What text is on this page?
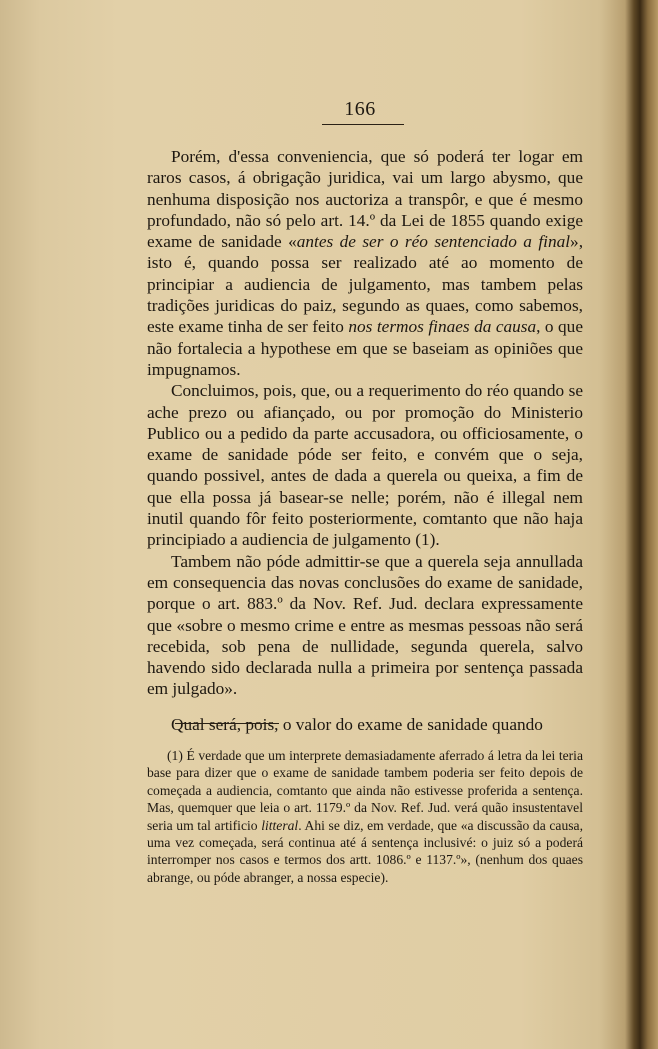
166

Porém, d'essa conveniencia, que só poderá ter logar em raros casos, á obrigação juridica, vai um largo abysmo, que nenhuma disposição nos auctoriza a transpôr, e que é mesmo profundado, não só pelo art. 14.º da Lei de 1855 quando exige exame de sanidade «antes de ser o réo sentenciado a final», isto é, quando possa ser realizado até ao momento de principiar a audiencia de julgamento, mas tambem pelas tradições juridicas do paiz, segundo as quaes, como sabemos, este exame tinha de ser feito nos termos finaes da causa, o que não fortalecia a hypothese em que se baseiam as opiniões que impugnamos.

Concluimos, pois, que, ou a requerimento do réo quando se ache prezo ou afiançado, ou por promoção do Ministerio Publico ou a pedido da parte accusadora, ou officiosamente, o exame de sanidade póde ser feito, e convém que o seja, quando possivel, antes de dada a querela ou queixa, a fim de que ella possa já basear-se nelle; porém, não é illegal nem inutil quando fôr feito posteriormente, comtanto que não haja principiado a audiencia de julgamento (1).

Tambem não póde admittir-se que a querela seja annullada em consequencia das novas conclusões do exame de sanidade, porque o art. 883.º da Nov. Ref. Jud. declara expressamente que «sobre o mesmo crime e entre as mesmas pessoas não será recebida, sob pena de nullidade, segunda querela, salvo havendo sido declarada nulla a primeira por sentença passada em julgado».

Qual será, pois, o valor do exame de sanidade quando

(1) É verdade que um interprete demasiadamente aferrado á letra da lei teria base para dizer que o exame de sanidade tambem poderia ser feito depois de começada a audiencia, comtanto que ainda não estivesse proferida a sentença. Mas, quemquer que leia o art. 1179.º da Nov. Ref. Jud. verá quão insustentavel seria um tal artificio litteral. Ahi se diz, em verdade, que «a discussão da causa, uma vez começada, será continua até á sentença inclusivé: o juiz só a poderá interromper nos casos e termos dos artt. 1086.º e 1137.º», (nenhum dos quaes abrange, ou póde abranger, a nossa especie).
